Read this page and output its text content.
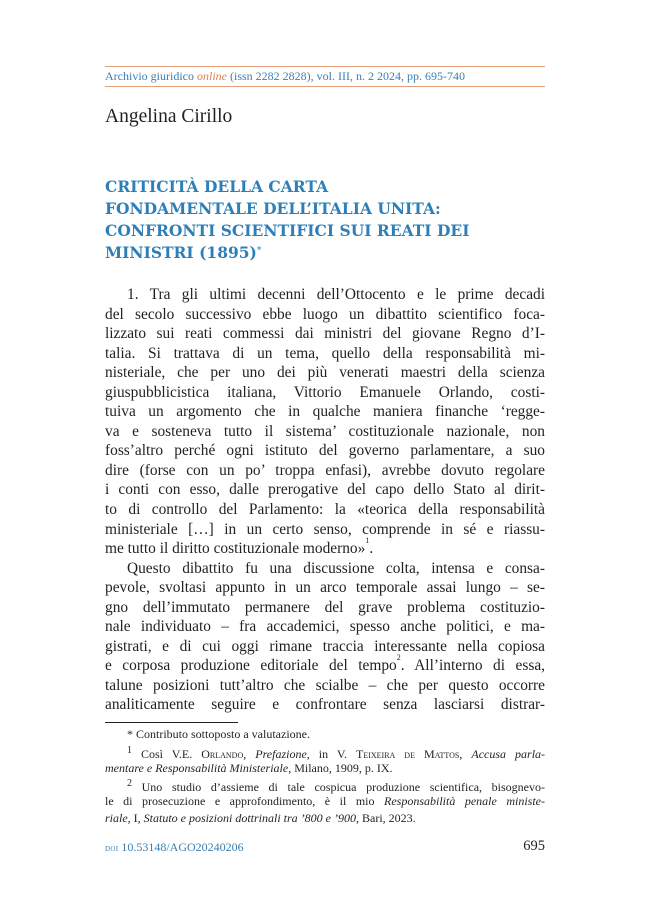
Archivio giuridico online (issn 2282 2828), vol. III, n. 2 2024, pp. 695-740
Angelina Cirillo
CRITICITÀ DELLA CARTA
FONDAMENTALE DELL’ITALIA UNITA:
CONFRONTI SCIENTIFICI SUI REATI DEI
MINISTRI (1895)*
1. Tra gli ultimi decenni dell’Ottocento e le prime decadi
del secolo successivo ebbe luogo un dibattito scientifico foca-
lizzato sui reati commessi dai ministri del giovane Regno d’I-
talia. Si trattava di un tema, quello della responsabilità mi-
nisteriale, che per uno dei più venerati maestri della scienza
giuspubblicistica italiana, Vittorio Emanuele Orlando, costi-
tuiva un argomento che in qualche maniera finanche ‘regge-
va e sosteneva tutto il sistema’ costituzionale nazionale, non
foss’altro perché ogni istituto del governo parlamentare, a suo
dire (forse con un po’ troppa enfasi), avrebbe dovuto regolare
i conti con esso, dalle prerogative del capo dello Stato al dirit-
to di controllo del Parlamento: la «teorica della responsabilità
ministeriale […] in un certo senso, comprende in sé e riassu-
me tutto il diritto costituzionale moderno»$^1$.
Questo dibattito fu una discussione colta, intensa e consa-
pevole, svoltasi appunto in un arco temporale assai lungo – se-
gno dell’immutato permanere del grave problema costituzio-
nale individuato – fra accademici, spesso anche politici, e ma-
gistrati, e di cui oggi rimane traccia interessante nella copiosa
e corposa produzione editoriale del tempo$^2$. All’interno di essa,
talune posizioni tutt’altro che scialbe – che per questo occorre
analiticamente seguire e confrontare senza lasciarsi distrar-
* Contributo sottoposto a valutazione.
$^1$ Così V.E. Orlando, Prefazione, in V. Teixeira de Mattos, Accusa parla-
mentare e Responsabilità Ministeriale, Milano, 1909, p. IX.
$^2$ Uno studio d’assieme di tale cospicua produzione scientifica, bisognevo-
le di prosecuzione e approfondimento, è il mio Responsabilità penale ministe-
riale, I, Statuto e posizioni dottrinali tra ’800 e ’900, Bari, 2023.
doi 10.53148/AGO20240206	695
